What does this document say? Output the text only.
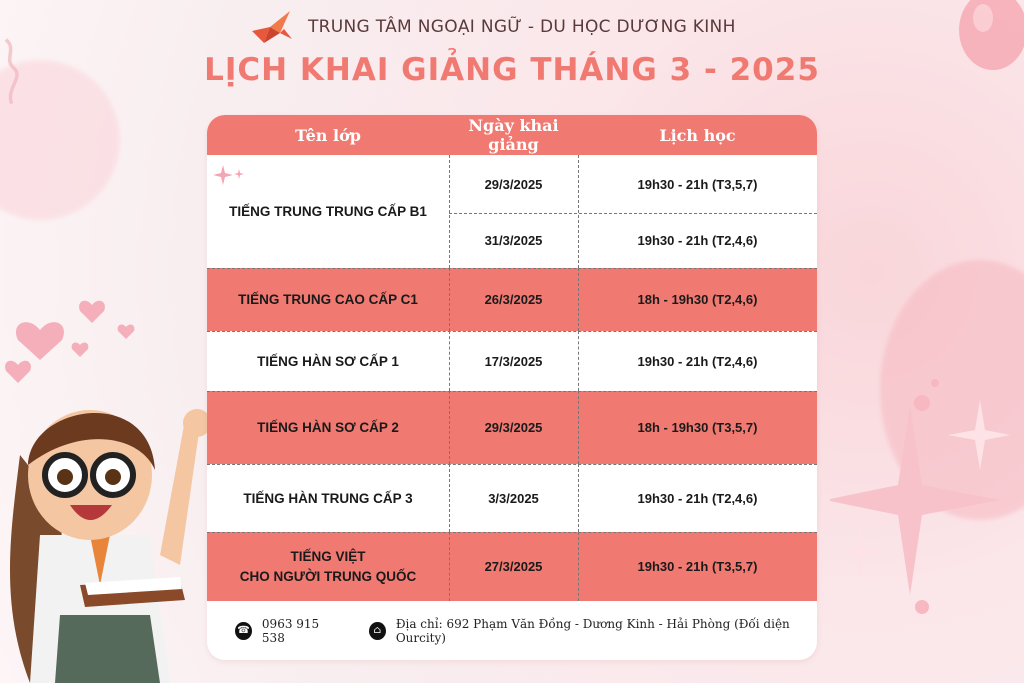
TRUNG TÂM NGOẠI NGỮ - DU HỌC DƯƠNG KINH
LỊCH KHAI GIẢNG THÁNG 3 - 2025
Tên lớp	Ngày khai giảng	Lịch học
TIẾNG TRUNG TRUNG CẤP B1
29/3/2025	19h30 - 21h (T3,5,7)
31/3/2025	19h30 - 21h (T2,4,6)
TIẾNG TRUNG CAO CẤP C1	26/3/2025	18h - 19h30 (T2,4,6)
TIẾNG HÀN SƠ CẤP 1	17/3/2025	19h30 - 21h (T2,4,6)
TIẾNG HÀN SƠ CẤP 2	29/3/2025	18h - 19h30 (T3,5,7)
TIẾNG HÀN TRUNG CẤP 3	3/3/2025	19h30 - 21h (T2,4,6)
TIẾNG VIỆT
CHO NGƯỜI TRUNG QUỐC
27/3/2025	19h30 - 21h (T3,5,7)
☎ 0963 915 538	⌂	Địa chỉ: 692 Phạm Văn Đồng - Dương Kinh - Hải Phòng (Đối diện Ourcity)
